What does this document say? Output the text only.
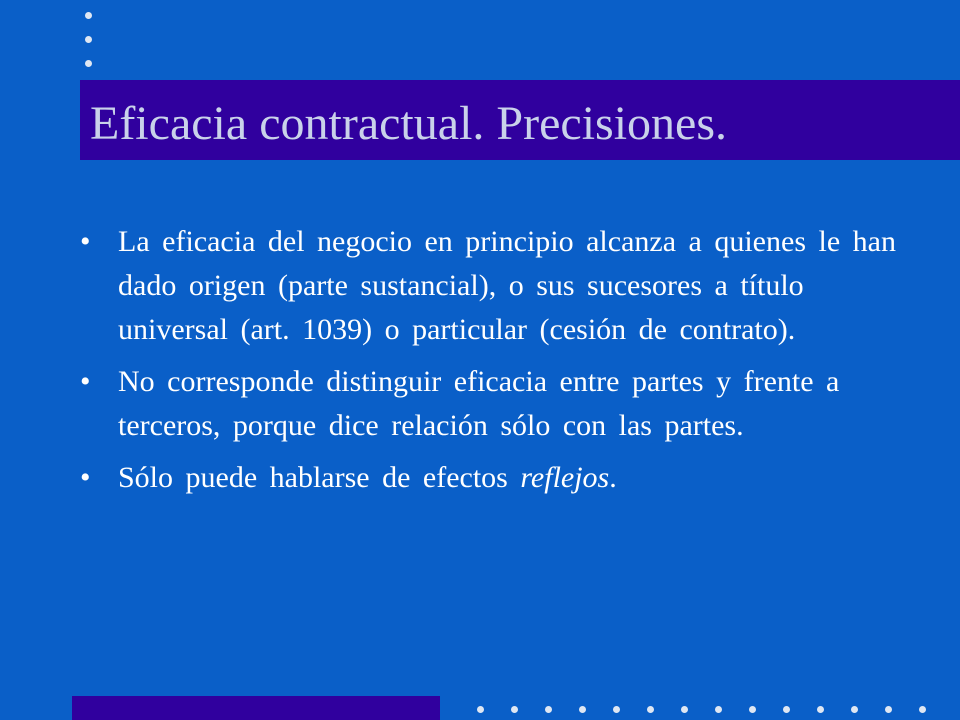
Eficacia contractual. Precisiones.
• La eficacia del negocio en principio alcanza a quienes le han dado origen (parte sustancial), o sus sucesores a título universal (art. 1039) o particular (cesión de contrato).
• No corresponde distinguir eficacia entre partes y frente a terceros, porque dice relación sólo con las partes.
• Sólo puede hablarse de efectos reflejos.
